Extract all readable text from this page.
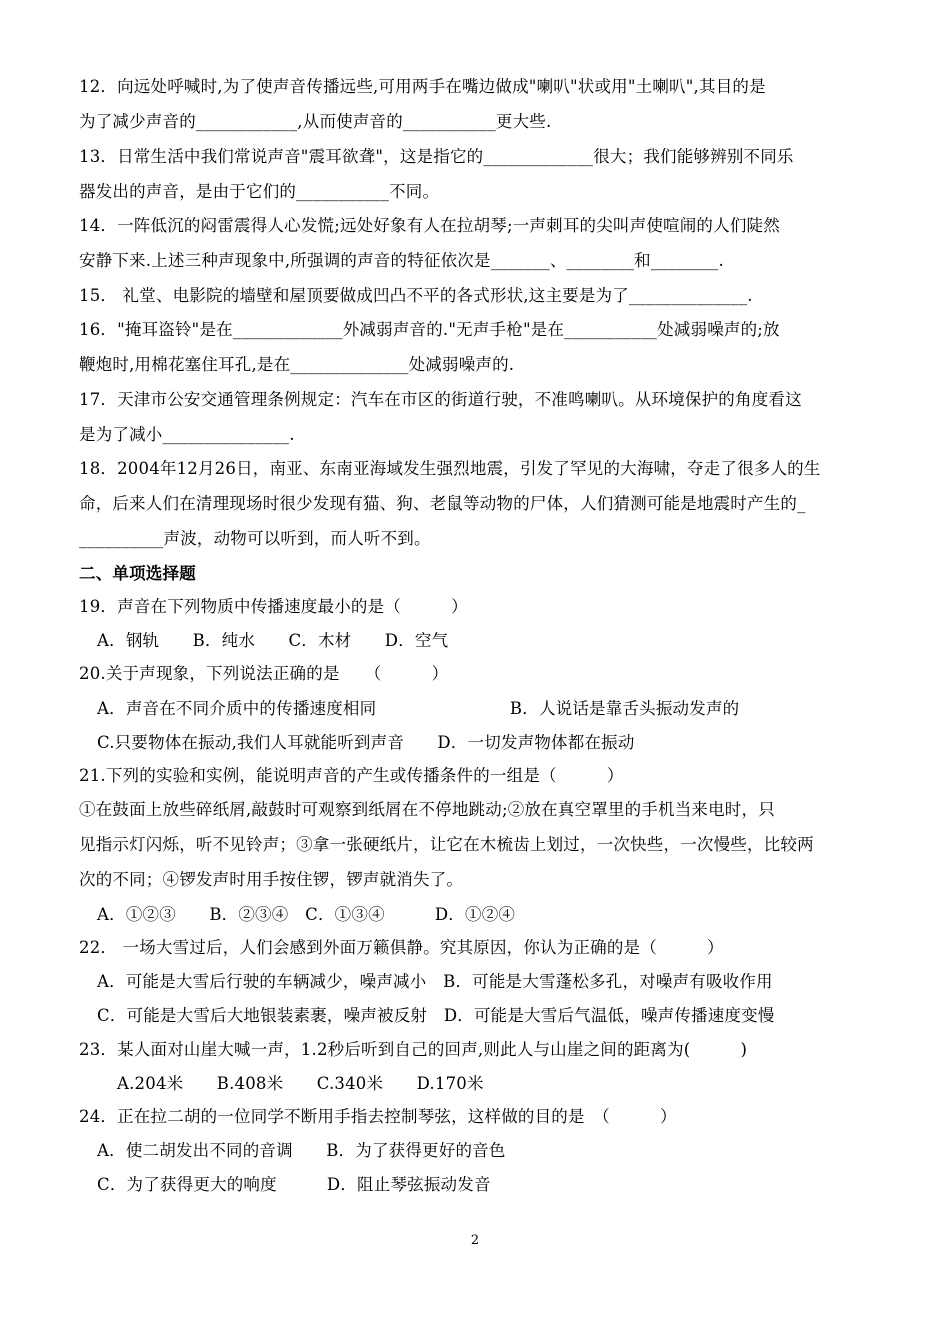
12．向远处呼喊时,为了使声音传播远些,可用两手在嘴边做成"喇叭"状或用"土喇叭",其目的是
为了减少声音的____________,从而使声音的___________更大些.
13．日常生活中我们常说声音"震耳欲聋"，这是指它的_____________很大；我们能够辨别不同乐
器发出的声音，是由于它们的___________不同。
14．一阵低沉的闷雷震得人心发慌;远处好象有人在拉胡琴;一声刺耳的尖叫声使喧闹的人们陡然
安静下来.上述三种声现象中,所强调的声音的特征依次是_______、________和________.
15． 礼堂、电影院的墙壁和屋顶要做成凹凸不平的各式形状,这主要是为了______________.
16．"掩耳盗铃"是在_____________外减弱声音的."无声手枪"是在___________处减弱噪声的;放
鞭炮时,用棉花塞住耳孔,是在______________处减弱噪声的.
17．天津市公安交通管理条例规定：汽车在市区的街道行驶，不准鸣喇叭。从环境保护的角度看这
是为了减小_______________.
18．2004年12月26日，南亚、东南亚海域发生强烈地震，引发了罕见的大海啸，夺走了很多人的生
命，后来人们在清理现场时很少发现有猫、狗、老鼠等动物的尸体，人们猜测可能是地震时产生的_
__________声波，动物可以听到，而人听不到。
二、单项选择题
19．声音在下列物质中传播速度最小的是（　　　）
A．钢轨　　B．纯水　　C．木材　　D．空气
20.关于声现象，下列说法正确的是　　（　　　）
A．声音在不同介质中的传播速度相同　　　　　　　　B．人说话是靠舌头振动发声的
C.只要物体在振动,我们人耳就能听到声音　　D．一切发声物体都在振动
21.下列的实验和实例，能说明声音的产生或传播条件的一组是（　　　）
①在鼓面上放些碎纸屑,敲鼓时可观察到纸屑在不停地跳动;②放在真空罩里的手机当来电时，只
见指示灯闪烁，听不见铃声；③拿一张硬纸片，让它在木梳齿上划过，一次快些，一次慢些，比较两
次的不同；④锣发声时用手按住锣，锣声就消失了。
A．①②③　　B．②③④　C．①③④　　　D．①②④
22． 一场大雪过后，人们会感到外面万籁俱静。究其原因，你认为正确的是（　　　）
A．可能是大雪后行驶的车辆减少，噪声减小　B．可能是大雪蓬松多孔，对噪声有吸收作用
C．可能是大雪后大地银装素裹，噪声被反射　D．可能是大雪后气温低，噪声传播速度变慢
23．某人面对山崖大喊一声，1.2秒后听到自己的回声,则此人与山崖之间的距离为(　　　)
A.204米　　B.408米　　C.340米　　D.170米
24．正在拉二胡的一位同学不断用手指去控制琴弦，这样做的目的是　（　　　）
A．使二胡发出不同的音调　　B．为了获得更好的音色
C．为了获得更大的响度　　　D．阻止琴弦振动发音
2
